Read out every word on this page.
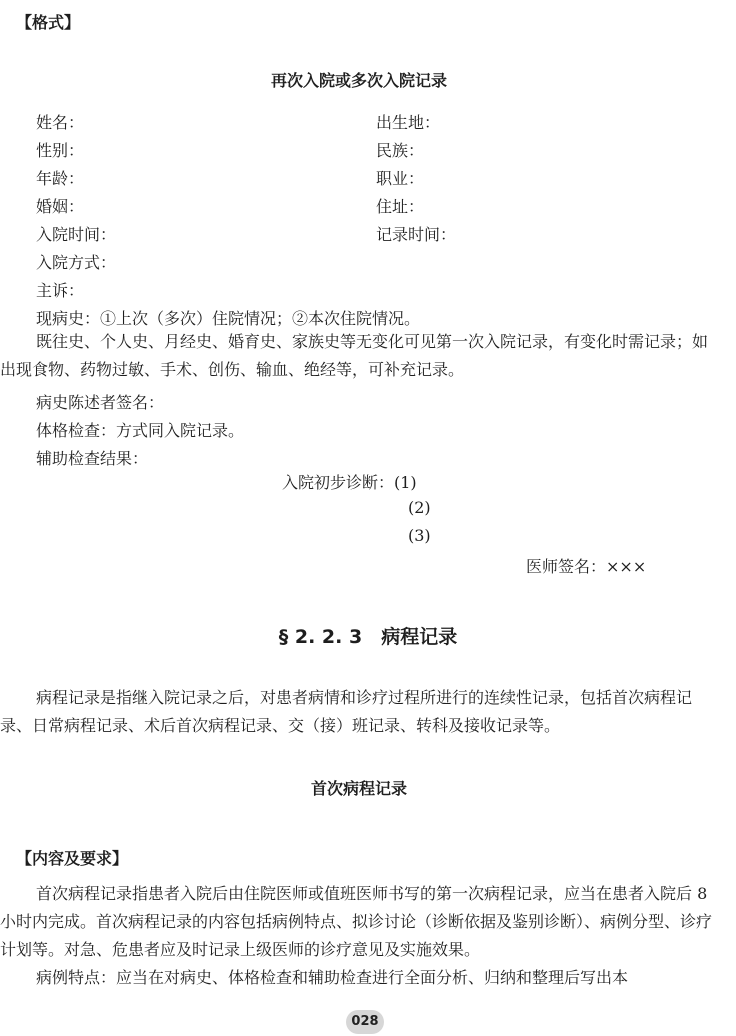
【格式】
再次入院或多次入院记录
姓名：
性别：
年龄：
婚姻：
入院时间：
入院方式：
主诉：
出生地：
民族：
职业：
住址：
记录时间：
现病史：①上次（多次）住院情况；②本次住院情况。
既往史、个人史、月经史、婚育史、家族史等无变化可见第一次入院记录，有变化时需记录；如出现食物、药物过敏、手术、创伤、输血、绝经等，可补充记录。
病史陈述者签名：
体格检查：方式同入院记录。
辅助检查结果：
入院初步诊断：(1)
(2)
(3)
医师签名：×××
§ 2. 2. 3　病程记录
病程记录是指继入院记录之后，对患者病情和诊疗过程所进行的连续性记录，包括首次病程记录、日常病程记录、术后首次病程记录、交（接）班记录、转科及接收记录等。
首次病程记录
【内容及要求】
首次病程记录指患者入院后由住院医师或值班医师书写的第一次病程记录，应当在患者入院后 8 小时内完成。首次病程记录的内容包括病例特点、拟诊讨论（诊断依据及鉴别诊断）、病例分型、诊疗计划等。对急、危患者应及时记录上级医师的诊疗意见及实施效果。
病例特点：应当在对病史、体格检查和辅助检查进行全面分析、归纳和整理后写出本
028
